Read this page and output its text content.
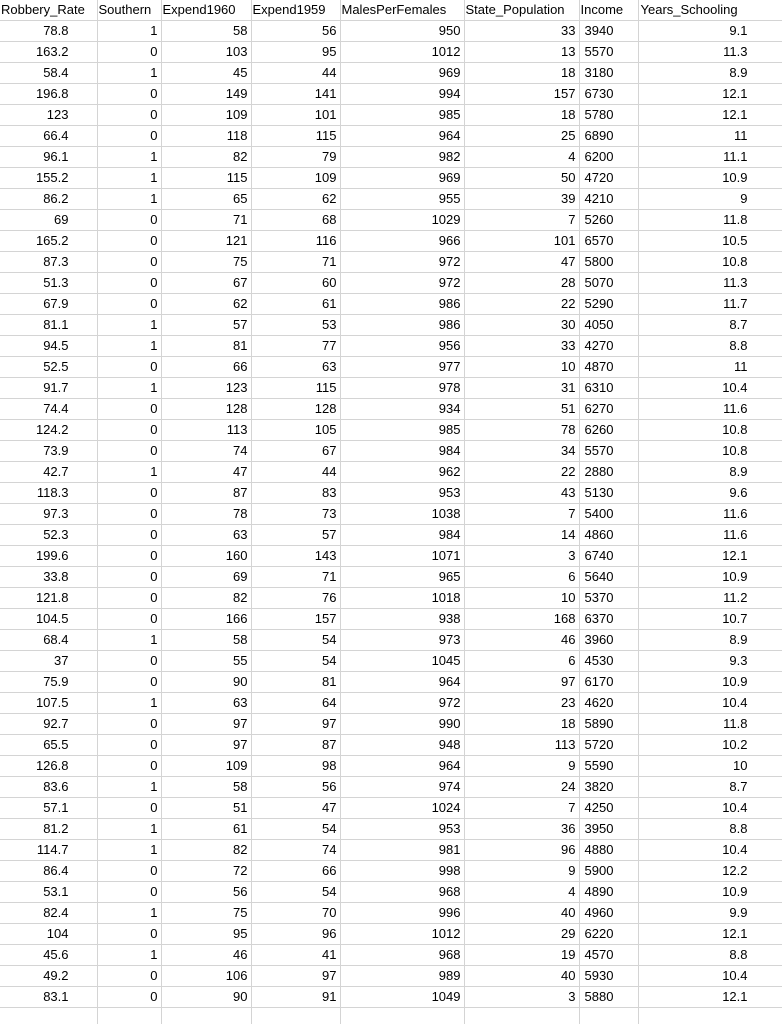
Robbery_Rate	Southern	Expend1960	Expend1959	MalesPerFemales	State_Population	Income	Years_Schooling
78.8	1	58	56	950	33	3940	9.1
163.2	0	103	95	1012	13	5570	11.3
58.4	1	45	44	969	18	3180	8.9
196.8	0	149	141	994	157	6730	12.1
123	0	109	101	985	18	5780	12.1
66.4	0	118	115	964	25	6890	11
96.1	1	82	79	982	4	6200	11.1
155.2	1	115	109	969	50	4720	10.9
86.2	1	65	62	955	39	4210	9
69	0	71	68	1029	7	5260	11.8
165.2	0	121	116	966	101	6570	10.5
87.3	0	75	71	972	47	5800	10.8
51.3	0	67	60	972	28	5070	11.3
67.9	0	62	61	986	22	5290	11.7
81.1	1	57	53	986	30	4050	8.7
94.5	1	81	77	956	33	4270	8.8
52.5	0	66	63	977	10	4870	11
91.7	1	123	115	978	31	6310	10.4
74.4	0	128	128	934	51	6270	11.6
124.2	0	113	105	985	78	6260	10.8
73.9	0	74	67	984	34	5570	10.8
42.7	1	47	44	962	22	2880	8.9
118.3	0	87	83	953	43	5130	9.6
97.3	0	78	73	1038	7	5400	11.6
52.3	0	63	57	984	14	4860	11.6
199.6	0	160	143	1071	3	6740	12.1
33.8	0	69	71	965	6	5640	10.9
121.8	0	82	76	1018	10	5370	11.2
104.5	0	166	157	938	168	6370	10.7
68.4	1	58	54	973	46	3960	8.9
37	0	55	54	1045	6	4530	9.3
75.9	0	90	81	964	97	6170	10.9
107.5	1	63	64	972	23	4620	10.4
92.7	0	97	97	990	18	5890	11.8
65.5	0	97	87	948	113	5720	10.2
126.8	0	109	98	964	9	5590	10
83.6	1	58	56	974	24	3820	8.7
57.1	0	51	47	1024	7	4250	10.4
81.2	1	61	54	953	36	3950	8.8
114.7	1	82	74	981	96	4880	10.4
86.4	0	72	66	998	9	5900	12.2
53.1	0	56	54	968	4	4890	10.9
82.4	1	75	70	996	40	4960	9.9
104	0	95	96	1012	29	6220	12.1
45.6	1	46	41	968	19	4570	8.8
49.2	0	106	97	989	40	5930	10.4
83.1	0	90	91	1049	3	5880	12.1
